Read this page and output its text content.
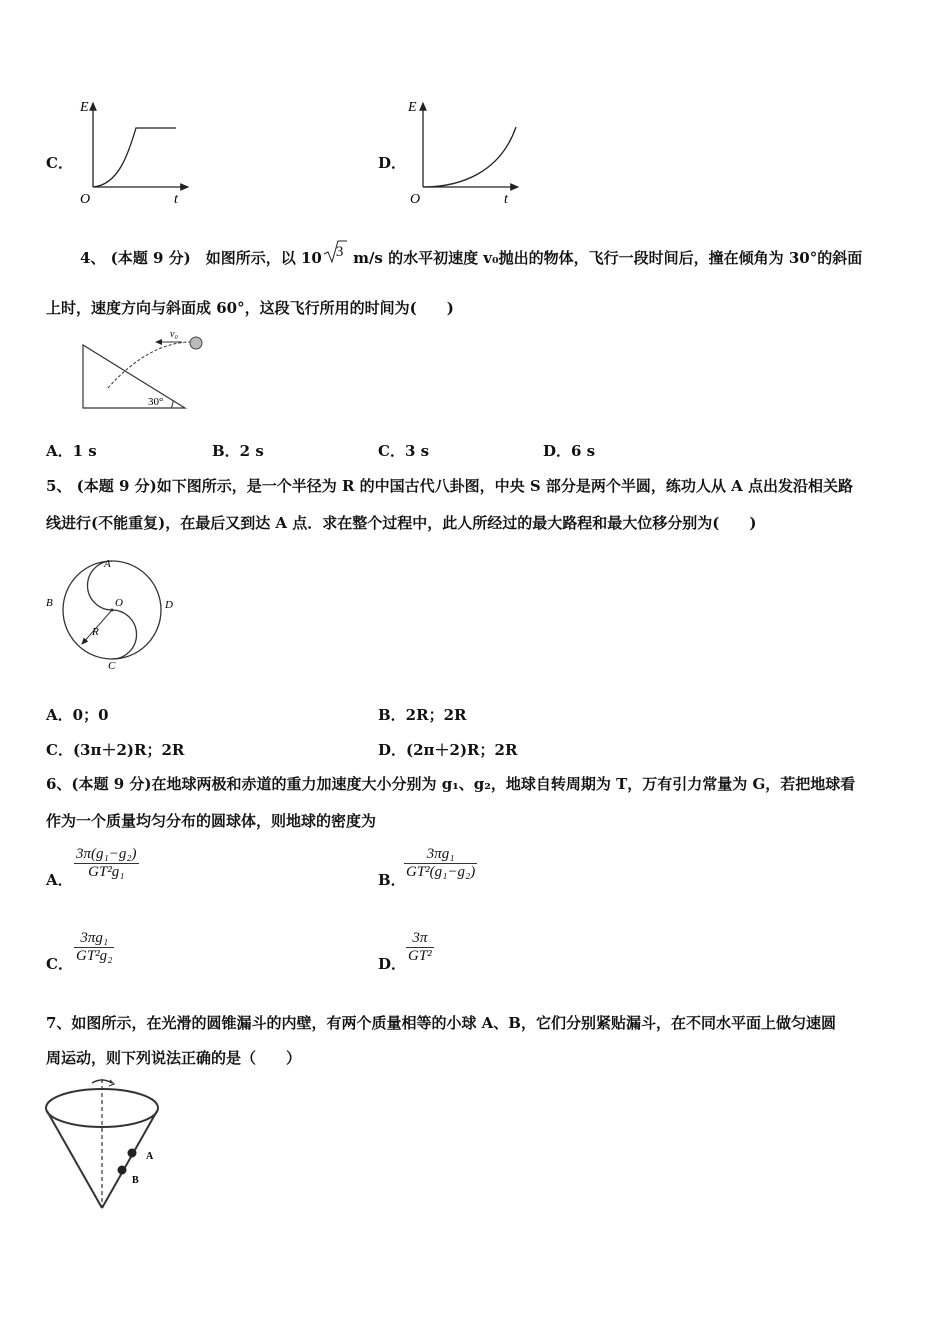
C．
E
O	t
D．
E
O	t
4、 (本题 9 分)　如图所示，以 10 3 m/s 的水平初速度 v₀抛出的物体，飞行一段时间后，撞在倾角为 30°的斜面
上时，速度方向与斜面成 60°，这段飞行所用的时间为(　　)
v₀
30°
A．1 s	B．2 s	C．3 s	D．6 s
5、 (本题 9 分)如下图所示，是一个半径为 R 的中国古代八卦图，中央 S 部分是两个半圆，练功人从 A 点出发沿相关路
线进行(不能重复)，在最后又到达 A 点．求在整个过程中，此人所经过的最大路程和最大位移分别为(　　)
A
B
C
D
O
R
A．0；0	B．2R；2R
C．(3π＋2)R；2R	D．(2π＋2)R；2R
6、(本题 9 分)在地球两极和赤道的重力加速度大小分别为 g₁、g₂，地球自转周期为 T，万有引力常量为 G，若把地球看
作为一个质量均匀分布的圆球体，则地球的密度为
A．
3π(g₁−g₂)
GT²g₁	B．
3πg₁
GT²(g₁−g₂)
C．
3πg₁
GT²g₂	D．
3π
GT²
7、如图所示，在光滑的圆锥漏斗的内壁，有两个质量相等的小球 A、B，它们分别紧贴漏斗，在不同水平面上做匀速圆
周运动，则下列说法正确的是（　　）
A
B
